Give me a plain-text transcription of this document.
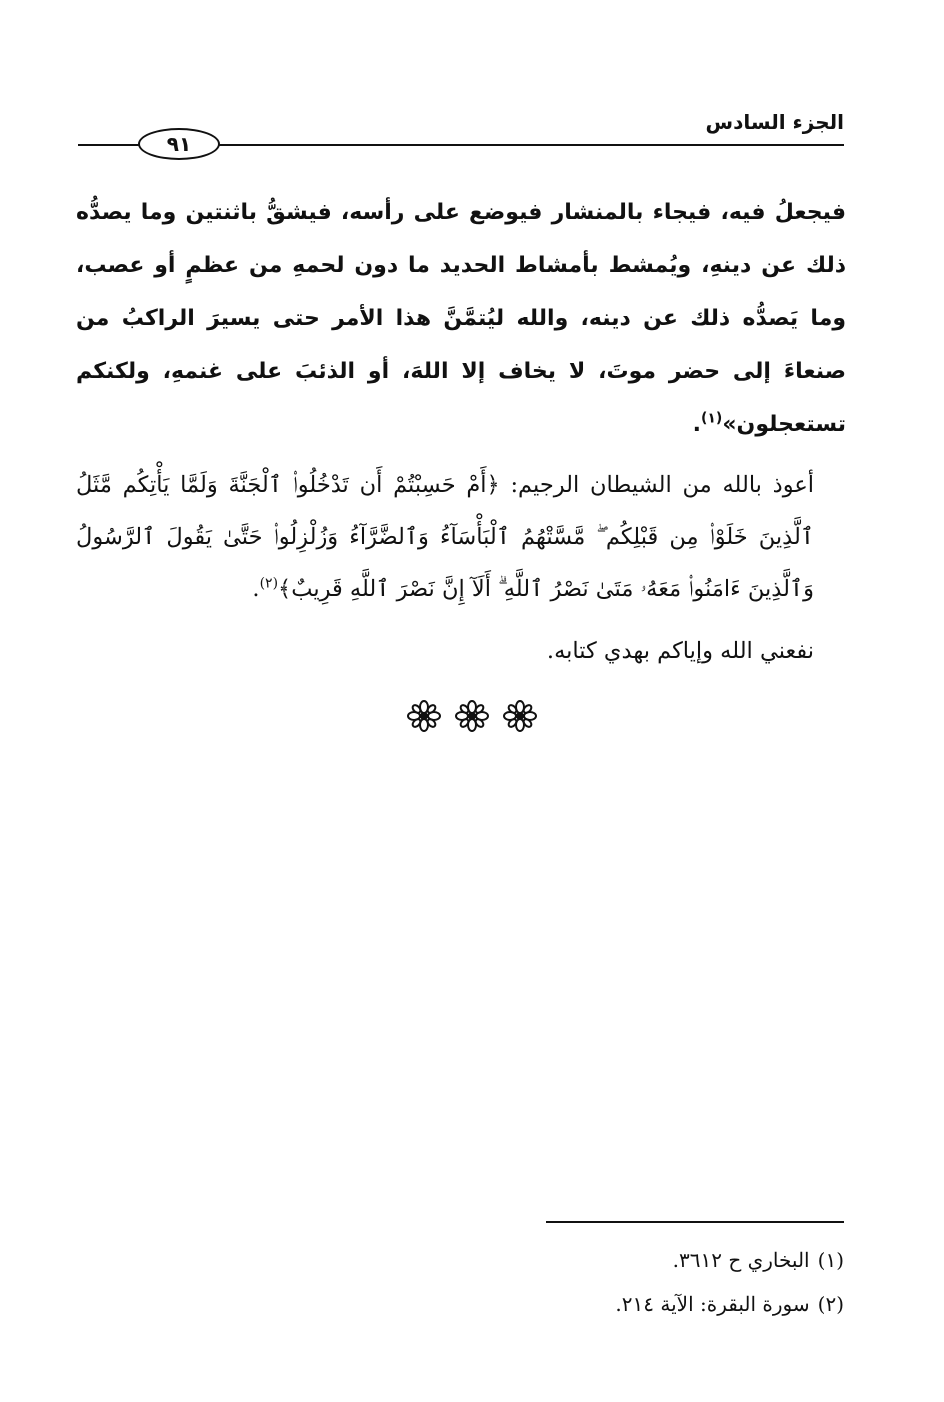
الجزء السادس
٩١

فيجعلُ فيه، فيجاء بالمنشار فيوضع على رأسه، فيشقُّ باثنتين وما يصدُّه ذلك عن دينهِ، ويُمشط بأمشاط الحديد ما دون لحمهِ من عظمٍ أو عصب، وما يَصدُّه ذلك عن دينه، والله ليُتمَّنَّ هذا الأمر حتى يسيرَ الراكبُ من صنعاءَ إلى حضر موتَ، لا يخاف إلا اللهَ، أو الذئبَ على غنمهِ، ولكنكم تستعجلون»$^{(١)}$.

أعوذ بالله من الشيطان الرجيم: ﴿أَمْ حَسِبْتُمْ أَن تَدْخُلُوا۟ ٱلْجَنَّةَ وَلَمَّا يَأْتِكُم مَّثَلُ ٱلَّذِينَ خَلَوْا۟ مِن قَبْلِكُم ۖ مَّسَّتْهُمُ ٱلْبَأْسَآءُ وَٱلضَّرَّآءُ وَزُلْزِلُوا۟ حَتَّىٰ يَقُولَ ٱلرَّسُولُ وَٱلَّذِينَ ءَامَنُوا۟ مَعَهُۥ مَتَىٰ نَصْرُ ٱللَّهِ ۗ أَلَآ إِنَّ نَصْرَ ٱللَّهِ قَرِيبٌ﴾$^{(٢)}$.

نفعني الله وإياكم بهدي كتابه.

(١)البخاري ح ٣٦١٢.

(٢)سورة البقرة: الآية ٢١٤.
